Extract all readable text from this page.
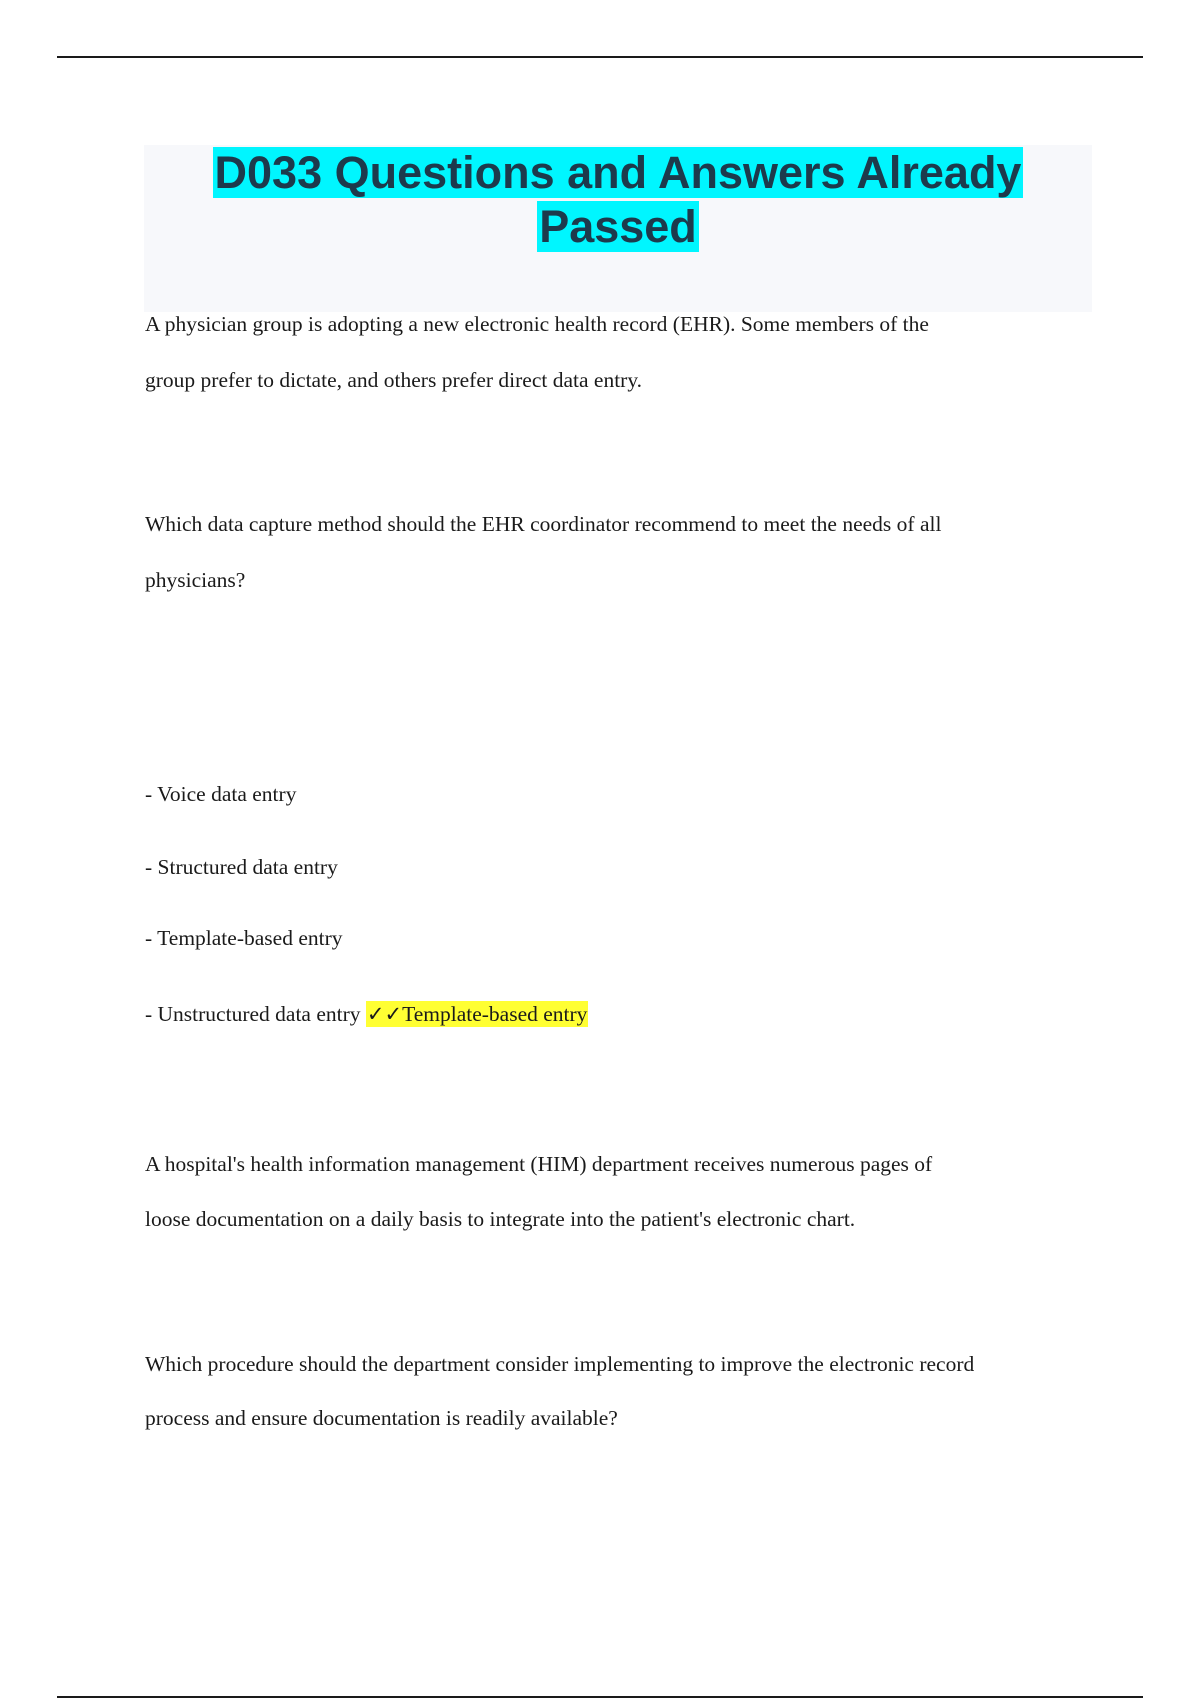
D033 Questions and Answers Already
Passed
A physician group is adopting a new electronic health record (EHR). Some members of the
group prefer to dictate, and others prefer direct data entry.
Which data capture method should the EHR coordinator recommend to meet the needs of all
physicians?
- Voice data entry
- Structured data entry
- Template-based entry
- Unstructured data entry ✓✓Template-based entry
A hospital's health information management (HIM) department receives numerous pages of
loose documentation on a daily basis to integrate into the patient's electronic chart.
Which procedure should the department consider implementing to improve the electronic record
process and ensure documentation is readily available?
